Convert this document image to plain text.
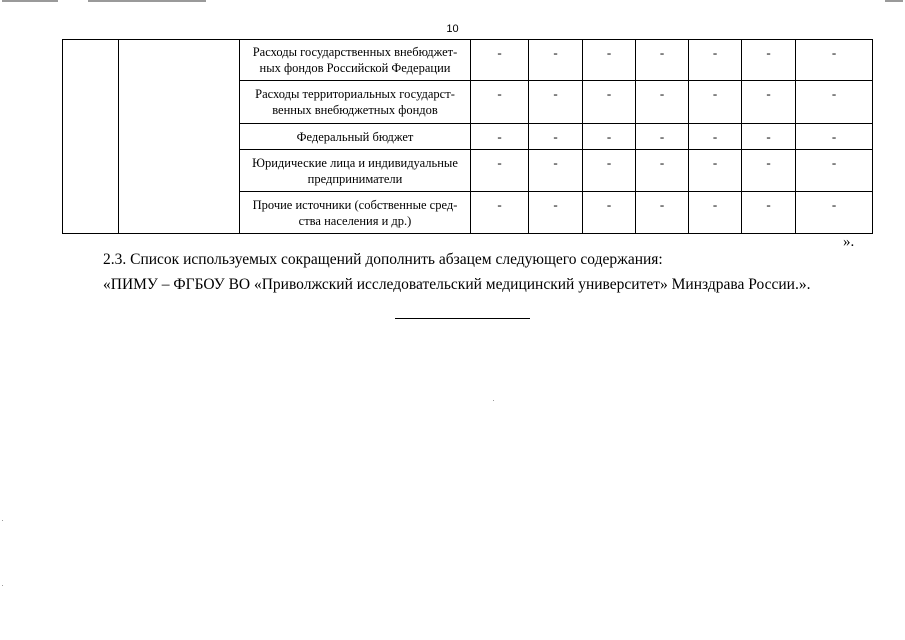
10

		Расходы государственных внебюджет-
ных фондов Российской Федерации	-	-	-	-	-	-	-

		Расходы территориальных государст-
венных внебюджетных фондов	-	-	-	-	-	-	-

		Федеральный бюджет	-	-	-	-	-	-	-

		Юридические лица и индивидуальные
предприниматели	-	-	-	-	-	-	-

		Прочие источники (собственные сред-
ства населения и др.)	-	-	-	-	-	-	-
».
2.3. Список используемых сокращений дополнить абзацем следующего содержания:
«ПИМУ – ФГБОУ ВО «Приволжский исследовательский медицинский университет» Минздрава России.».
